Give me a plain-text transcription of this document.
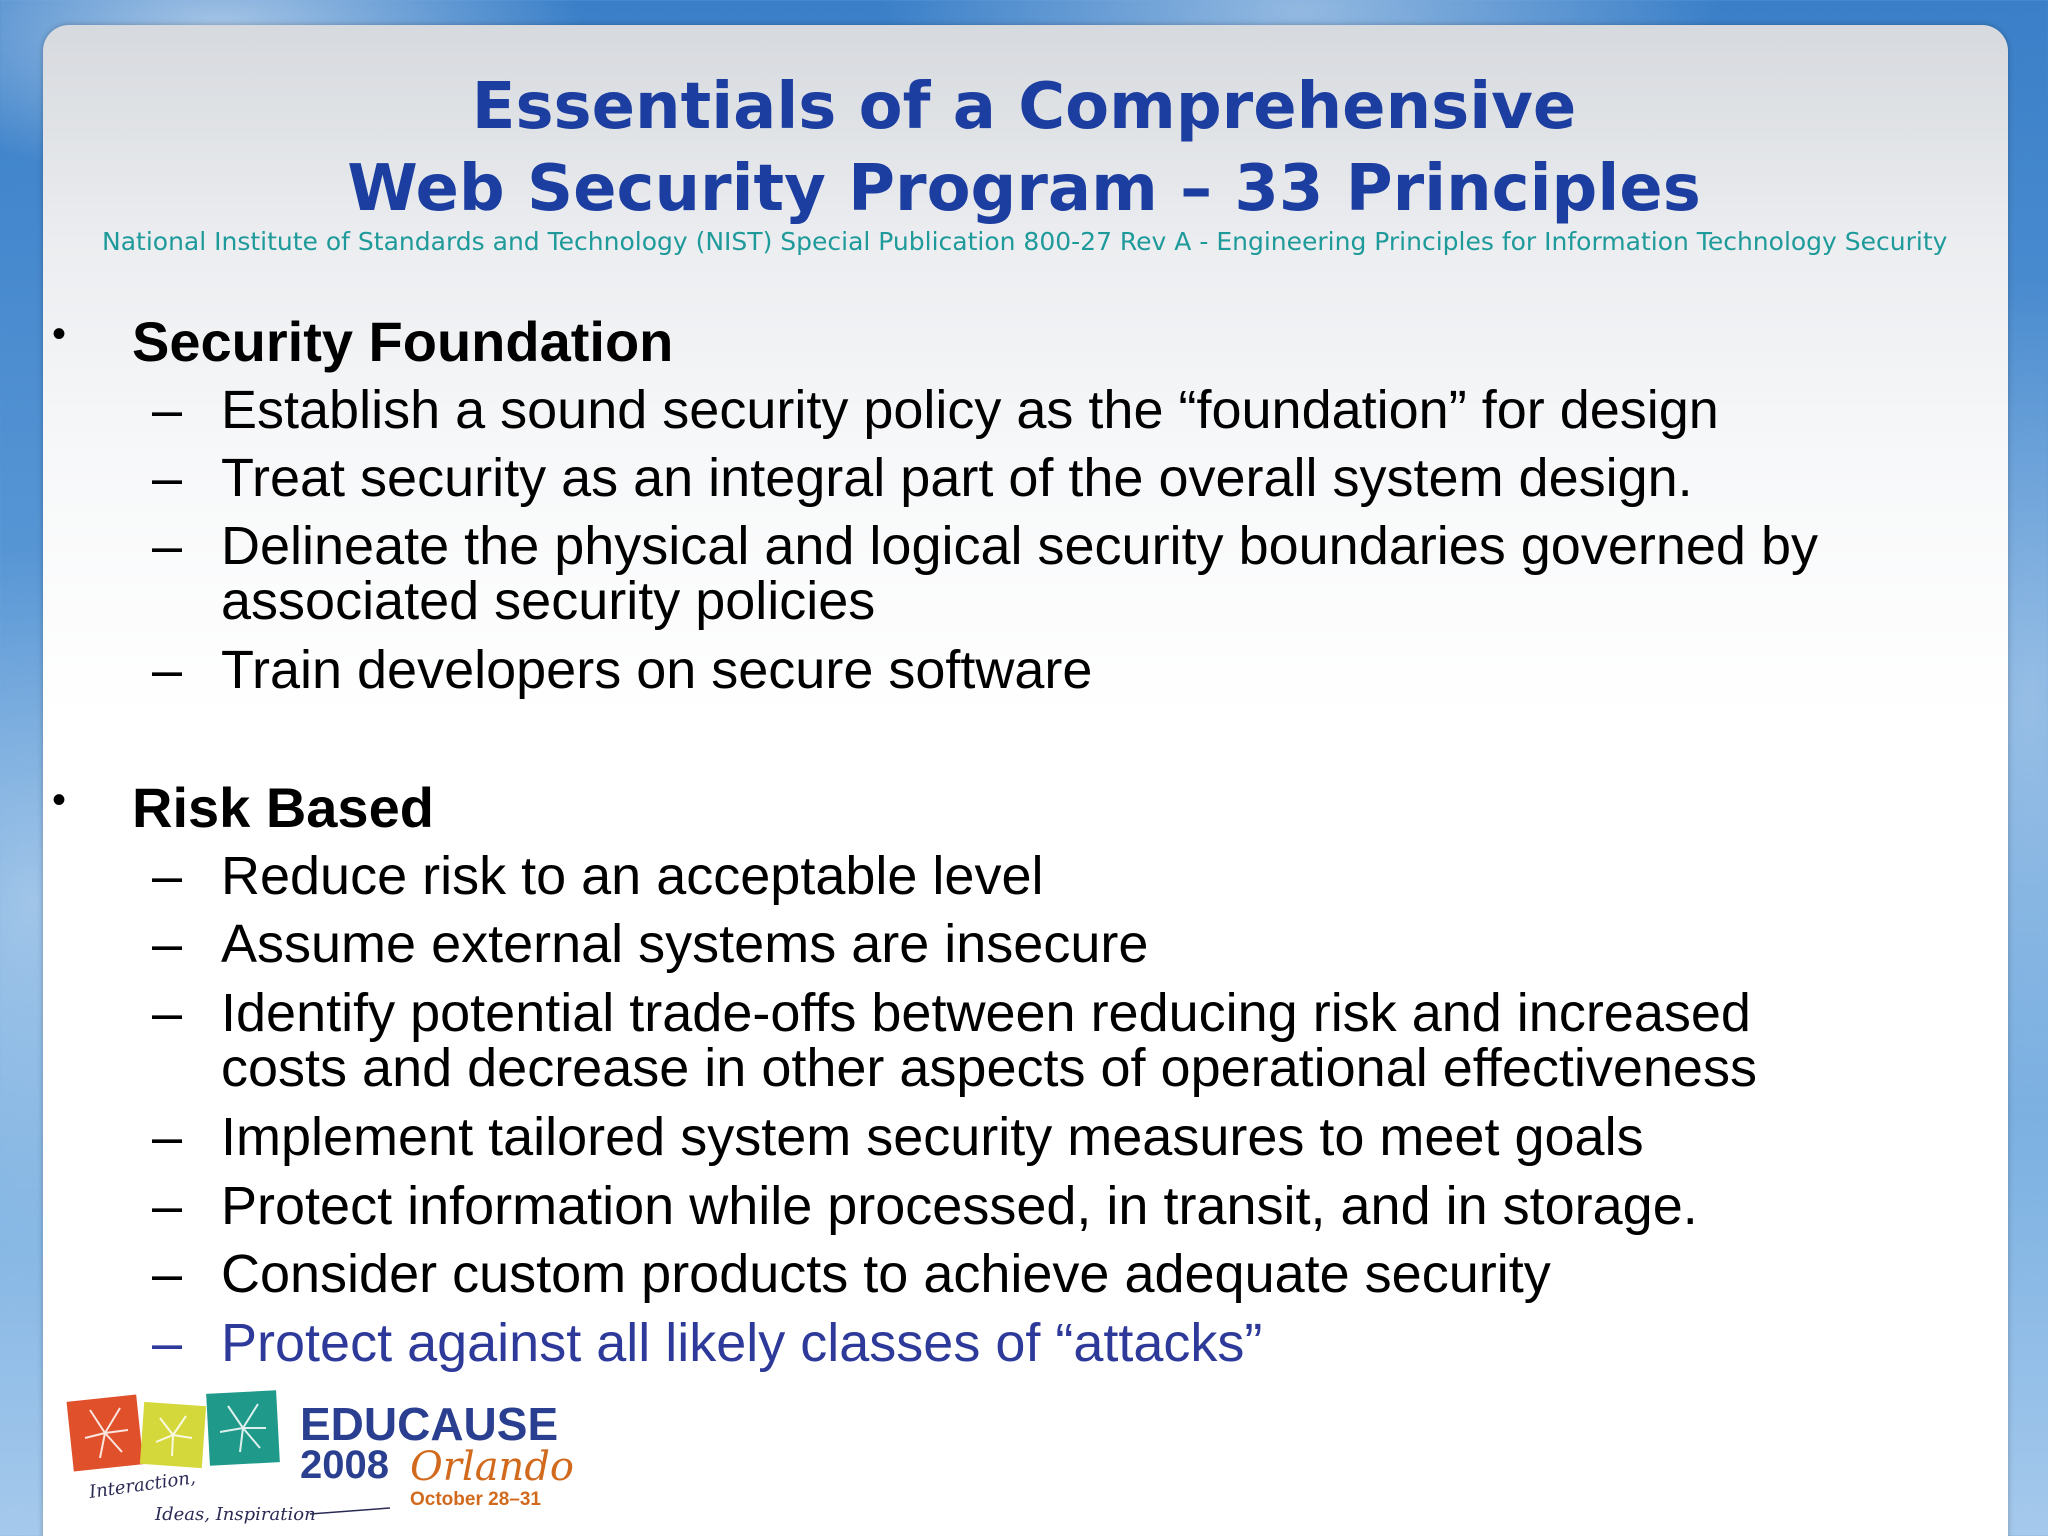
Essentials of a Comprehensive
Web Security Program – 33 Principles
National Institute of Standards and Technology (NIST) Special Publication 800-27 Rev A - Engineering Principles for Information Technology Security
• Security Foundation
– Establish a sound security policy as the “foundation” for design
– Treat security as an integral part of the overall system design.
– Delineate the physical and logical security boundaries governed by
associated security policies
– Train developers on secure software
• Risk Based
– Reduce risk to an acceptable level
– Assume external systems are insecure
– Identify potential trade-offs between reducing risk and increased
costs and decrease in other aspects of operational effectiveness
– Implement tailored system security measures to meet goals
– Protect information while processed, in transit, and in storage.
– Consider custom products to achieve adequate security
– Protect against all likely classes of “attacks”
EDUCAUSE
2008 Orlando
October 28–31
Interaction,
Ideas, Inspiration
